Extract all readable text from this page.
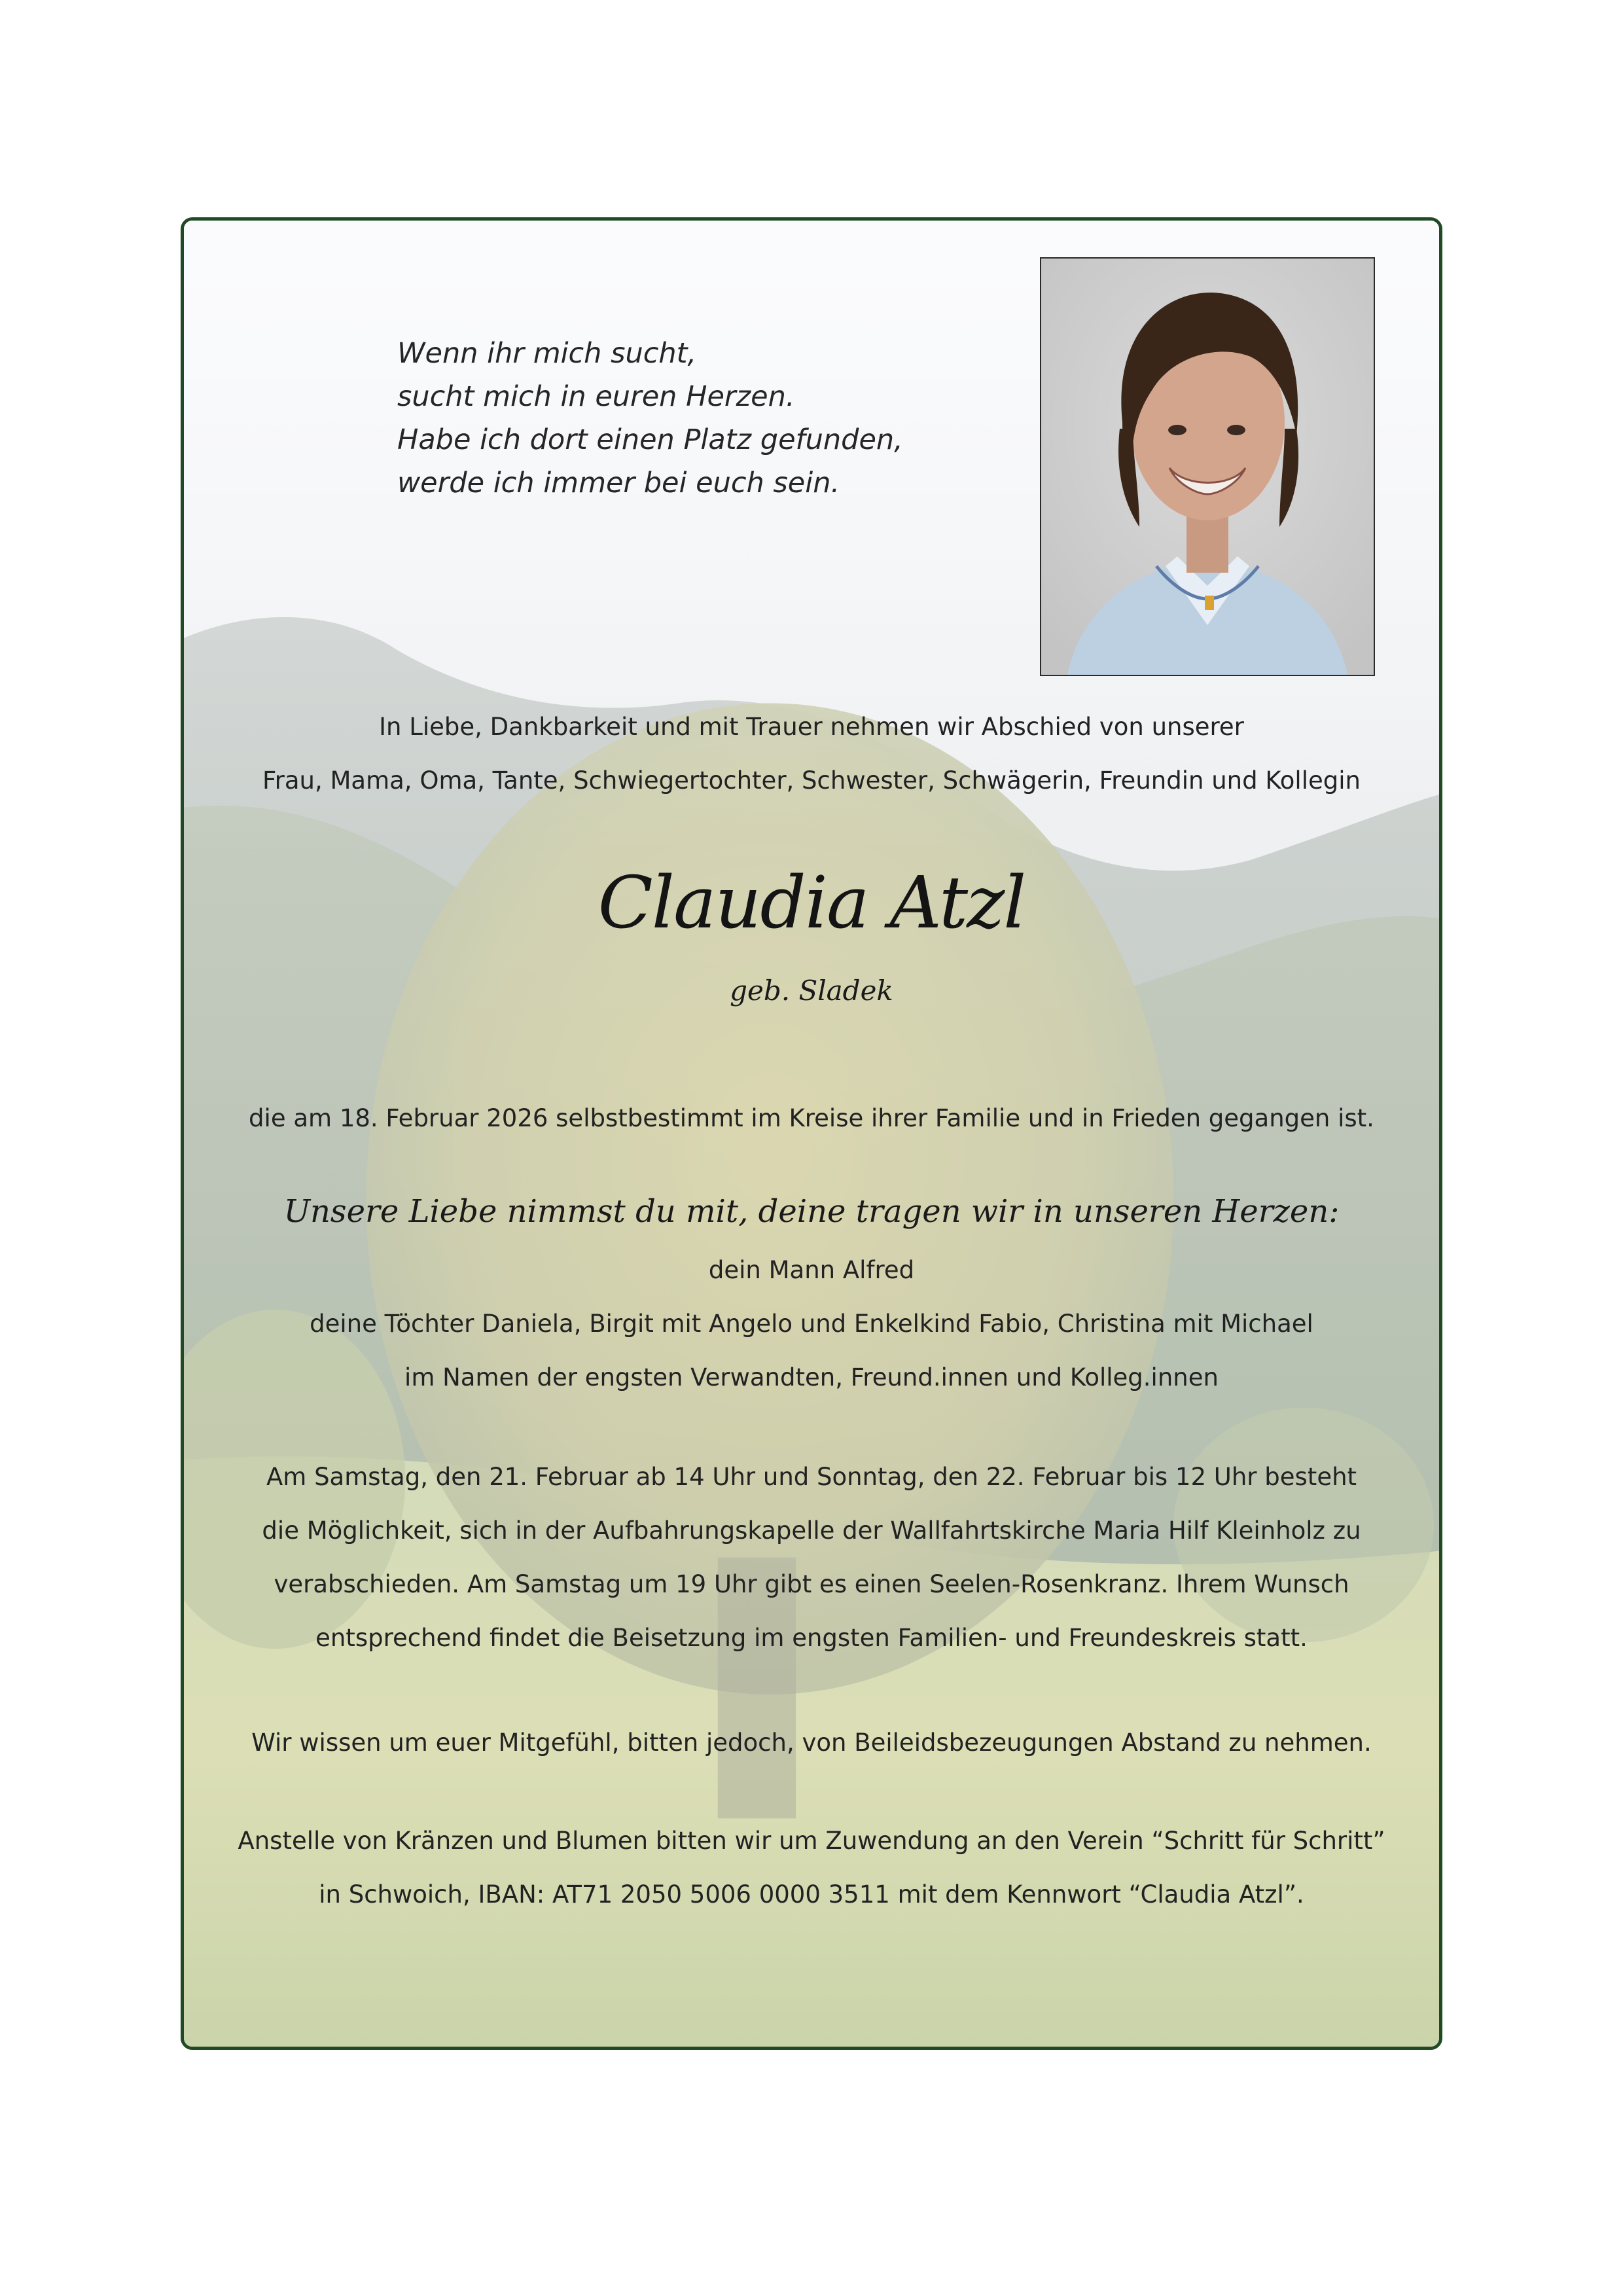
Wenn ihr mich sucht,
sucht mich in euren Herzen.
Habe ich dort einen Platz gefunden,
werde ich immer bei euch sein.
In Liebe, Dankbarkeit und mit Trauer nehmen wir Abschied von unserer
Frau, Mama, Oma, Tante, Schwiegertochter, Schwester, Schwägerin, Freundin und Kollegin
Claudia Atzl
geb. Sladek
die am 18. Februar 2026 selbstbestimmt im Kreise ihrer Familie und in Frieden gegangen ist.
Unsere Liebe nimmst du mit, deine tragen wir in unseren Herzen:
dein Mann Alfred
deine Töchter Daniela, Birgit mit Angelo und Enkelkind Fabio, Christina mit Michael
im Namen der engsten Verwandten, Freund.innen und Kolleg.innen
Am Samstag, den 21. Februar ab 14 Uhr und Sonntag, den 22. Februar bis 12 Uhr besteht
die Möglichkeit, sich in der Aufbahrungskapelle der Wallfahrtskirche Maria Hilf Kleinholz zu
verabschieden. Am Samstag um 19 Uhr gibt es einen Seelen-Rosenkranz. Ihrem Wunsch
entsprechend findet die Beisetzung im engsten Familien- und Freundeskreis statt.
Wir wissen um euer Mitgefühl, bitten jedoch, von Beileidsbezeugungen Abstand zu nehmen.
Anstelle von Kränzen und Blumen bitten wir um Zuwendung an den Verein “Schritt für Schritt”
in Schwoich, IBAN: AT71 2050 5006 0000 3511 mit dem Kennwort “Claudia Atzl”.
